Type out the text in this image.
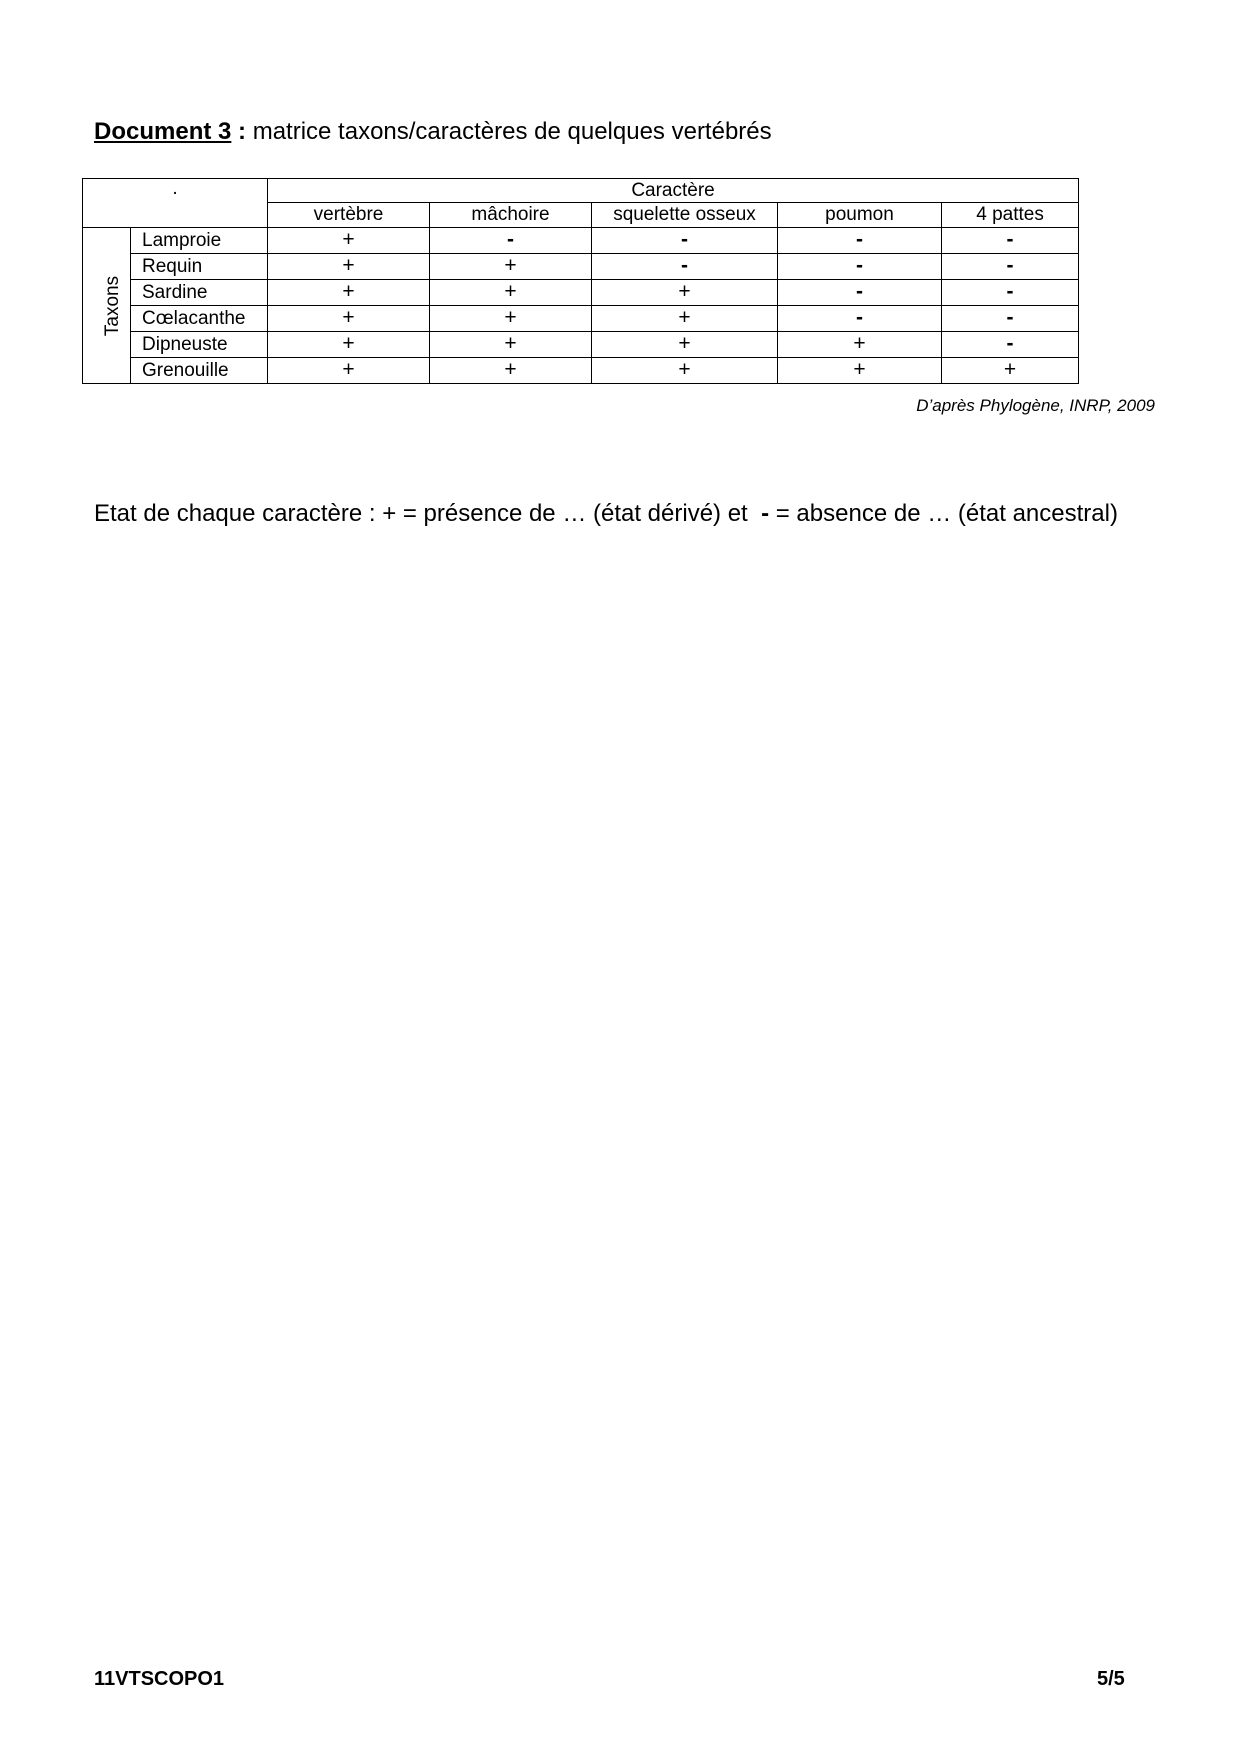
Document 3 : matrice taxons/caractères de quelques vertébrés
.		Caractère				
		vertèbre	mâchoire	squelette osseux	poumon	4 pattes
Taxons	Lamproie	+	-	-	-	-
	Requin	+	+	-	-	-
	Sardine	+	+	+	-	-
	Cœlacanthe	+	+	+	-	-
	Dipneuste	+	+	+	+	-
	Grenouille	+	+	+	+	+
D’après Phylogène, INRP, 2009
Etat de chaque caractère : + = présence de … (état dérivé) et - = absence de … (état ancestral)
11VTSCOPO1	5/5
